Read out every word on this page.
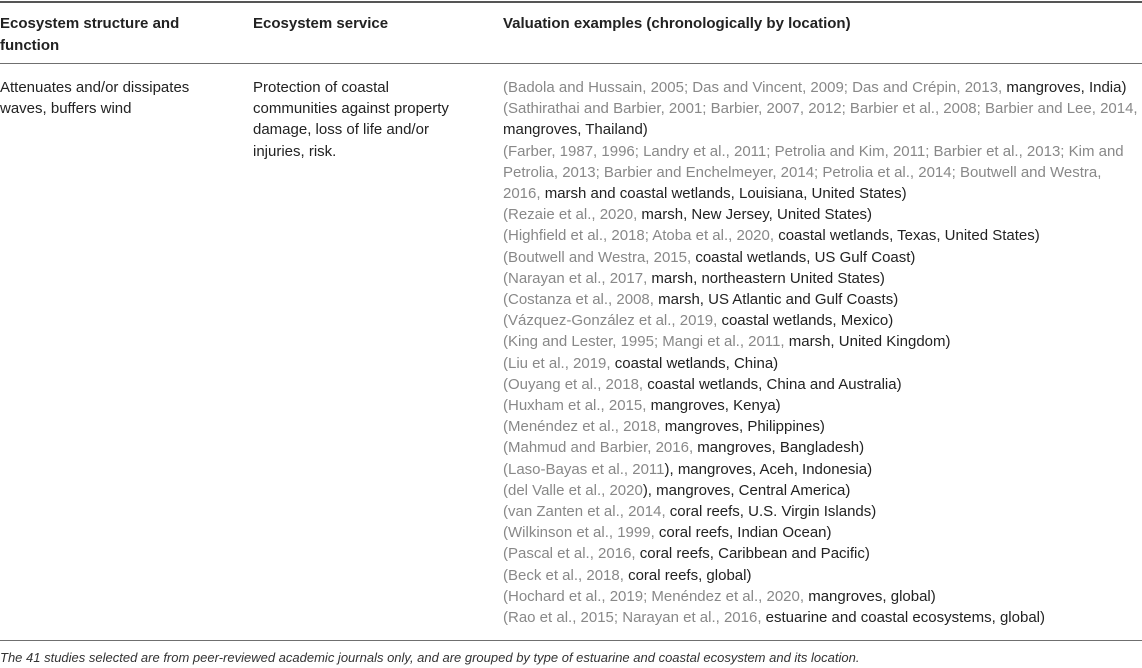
Ecosystem structure and function
Ecosystem service	Valuation examples (chronologically by location)
Attenuates and/or dissipates waves, buffers wind
Protection of coastal communities against property damage, loss of life and/or injuries, risk.
(Badola and Hussain, 2005; Das and Vincent, 2009; Das and Crépin, 2013, mangroves, India)
(Sathirathai and Barbier, 2001; Barbier, 2007, 2012; Barbier et al., 2008; Barbier and Lee, 2014, mangroves, Thailand)
(Farber, 1987, 1996; Landry et al., 2011; Petrolia and Kim, 2011; Barbier et al., 2013; Kim and Petrolia, 2013; Barbier and Enchelmeyer, 2014; Petrolia et al., 2014; Boutwell and Westra, 2016, marsh and coastal wetlands, Louisiana, United States)
(Rezaie et al., 2020, marsh, New Jersey, United States)
(Highfield et al., 2018; Atoba et al., 2020, coastal wetlands, Texas, United States)
(Boutwell and Westra, 2015, coastal wetlands, US Gulf Coast)
(Narayan et al., 2017, marsh, northeastern United States)
(Costanza et al., 2008, marsh, US Atlantic and Gulf Coasts)
(Vázquez-González et al., 2019, coastal wetlands, Mexico)
(King and Lester, 1995; Mangi et al., 2011, marsh, United Kingdom)
(Liu et al., 2019, coastal wetlands, China)
(Ouyang et al., 2018, coastal wetlands, China and Australia)
(Huxham et al., 2015, mangroves, Kenya)
(Menéndez et al., 2018, mangroves, Philippines)
(Mahmud and Barbier, 2016, mangroves, Bangladesh)
(Laso-Bayas et al., 2011), mangroves, Aceh, Indonesia)
(del Valle et al., 2020), mangroves, Central America)
(van Zanten et al., 2014, coral reefs, U.S. Virgin Islands)
(Wilkinson et al., 1999, coral reefs, Indian Ocean)
(Pascal et al., 2016, coral reefs, Caribbean and Pacific)
(Beck et al., 2018, coral reefs, global)
(Hochard et al., 2019; Menéndez et al., 2020, mangroves, global)
(Rao et al., 2015; Narayan et al., 2016, estuarine and coastal ecosystems, global)
The 41 studies selected are from peer-reviewed academic journals only, and are grouped by type of estuarine and coastal ecosystem and its location.
